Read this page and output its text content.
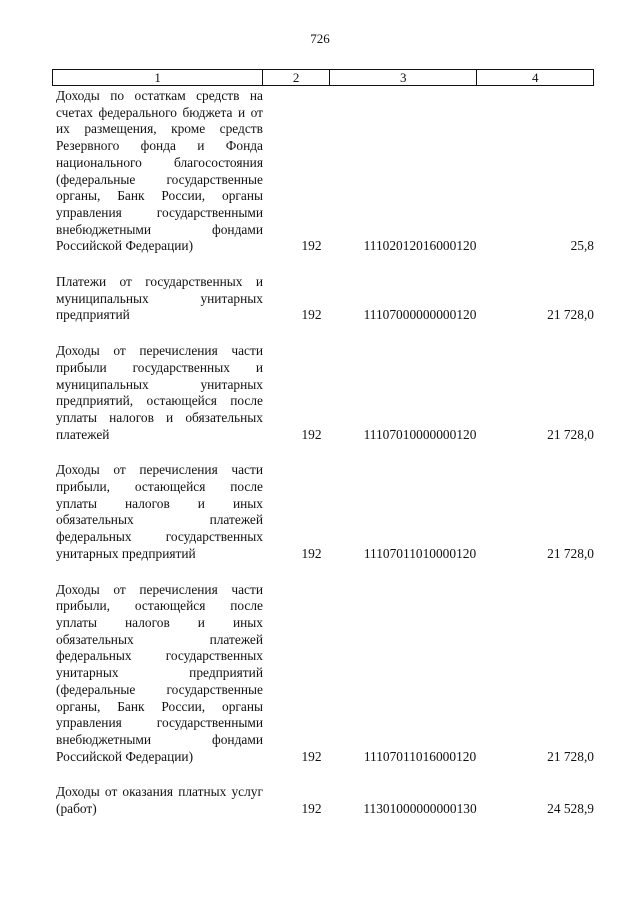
726
1	2	3	4
Доходы по остаткам средств на счетах федерального бюджета и от их размещения, кроме средств Резервного фонда и Фонда национального благосостояния (федеральные государственные органы, Банк России, органы управления государственными внебюджетными фондами Российской Федерации)	192	11102012016000120	25,8
Платежи от государственных и муниципальных унитарных предприятий	192	11107000000000120	21 728,0
Доходы от перечисления части прибыли государственных и муниципальных унитарных предприятий, остающейся после уплаты налогов и обязательных платежей	192	11107010000000120	21 728,0
Доходы от перечисления части прибыли, остающейся после уплаты налогов и иных обязательных платежей федеральных государственных унитарных предприятий	192	11107011010000120	21 728,0
Доходы от перечисления части прибыли, остающейся после уплаты налогов и иных обязательных платежей федеральных государственных унитарных предприятий (федеральные государственные органы, Банк России, органы управления государственными внебюджетными фондами Российской Федерации)	192	11107011016000120	21 728,0
Доходы от оказания платных услуг (работ)	192	11301000000000130	24 528,9
